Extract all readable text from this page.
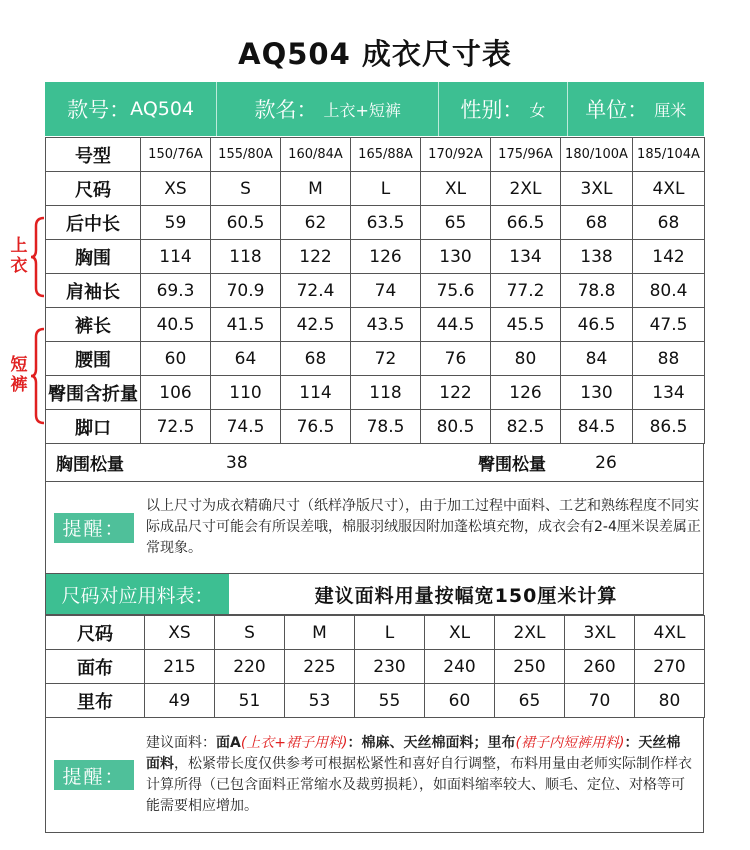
AQ504 成衣尺寸表
上衣
短裤
款号： AQ504	款名： 上衣+短裤	性别： 女 单位： 厘米
号型	150/76A	155/80A	160/84A	165/88A	170/92A	175/96A	180/100A	185/104A
尺码	XS	S	M	L	XL	2XL	3XL	4XL
后中长	59	60.5	62	63.5	65	66.5	68	68
胸围	114	118	122	126	130	134	138	142
肩袖长	69.3	70.9	72.4	74	75.6	77.2	78.8	80.4
裤长	40.5	41.5	42.5	43.5	44.5	45.5	46.5	47.5
腰围	60	64	68	72	76	80	84	88
臀围含折量	106	110	114	118	122	126	130	134
脚口	72.5	74.5	76.5	78.5	80.5	82.5	84.5	86.5
胸围松量	38	臀围松量	26
提醒：
以上尺寸为成衣精确尺寸（纸样净版尺寸），由于加工过程中面料、工艺和熟练程度不同实际成品尺寸可能会有所误差哦，棉服羽绒服因附加蓬松填充物，成衣会有2-4厘米误差属正常现象。
尺码对应用料表：	建议面料用量按幅宽150厘米计算
尺码	XS	S	M	L	XL	2XL	3XL	4XL
面布	215	220	225	230	240	250	260	270
里布	49	51	53	55	60	65	70	80
提醒：
建议面料：面A(上衣+裙子用料)：棉麻、天丝棉面料；里布(裙子内短裤用料)：天丝棉面料，松紧带长度仅供参考可根据松紧性和喜好自行调整，布料用量由老师实际制作样衣计算所得（已包含面料正常缩水及裁剪损耗），如面料缩率较大、顺毛、定位、对格等可能需要相应增加。
